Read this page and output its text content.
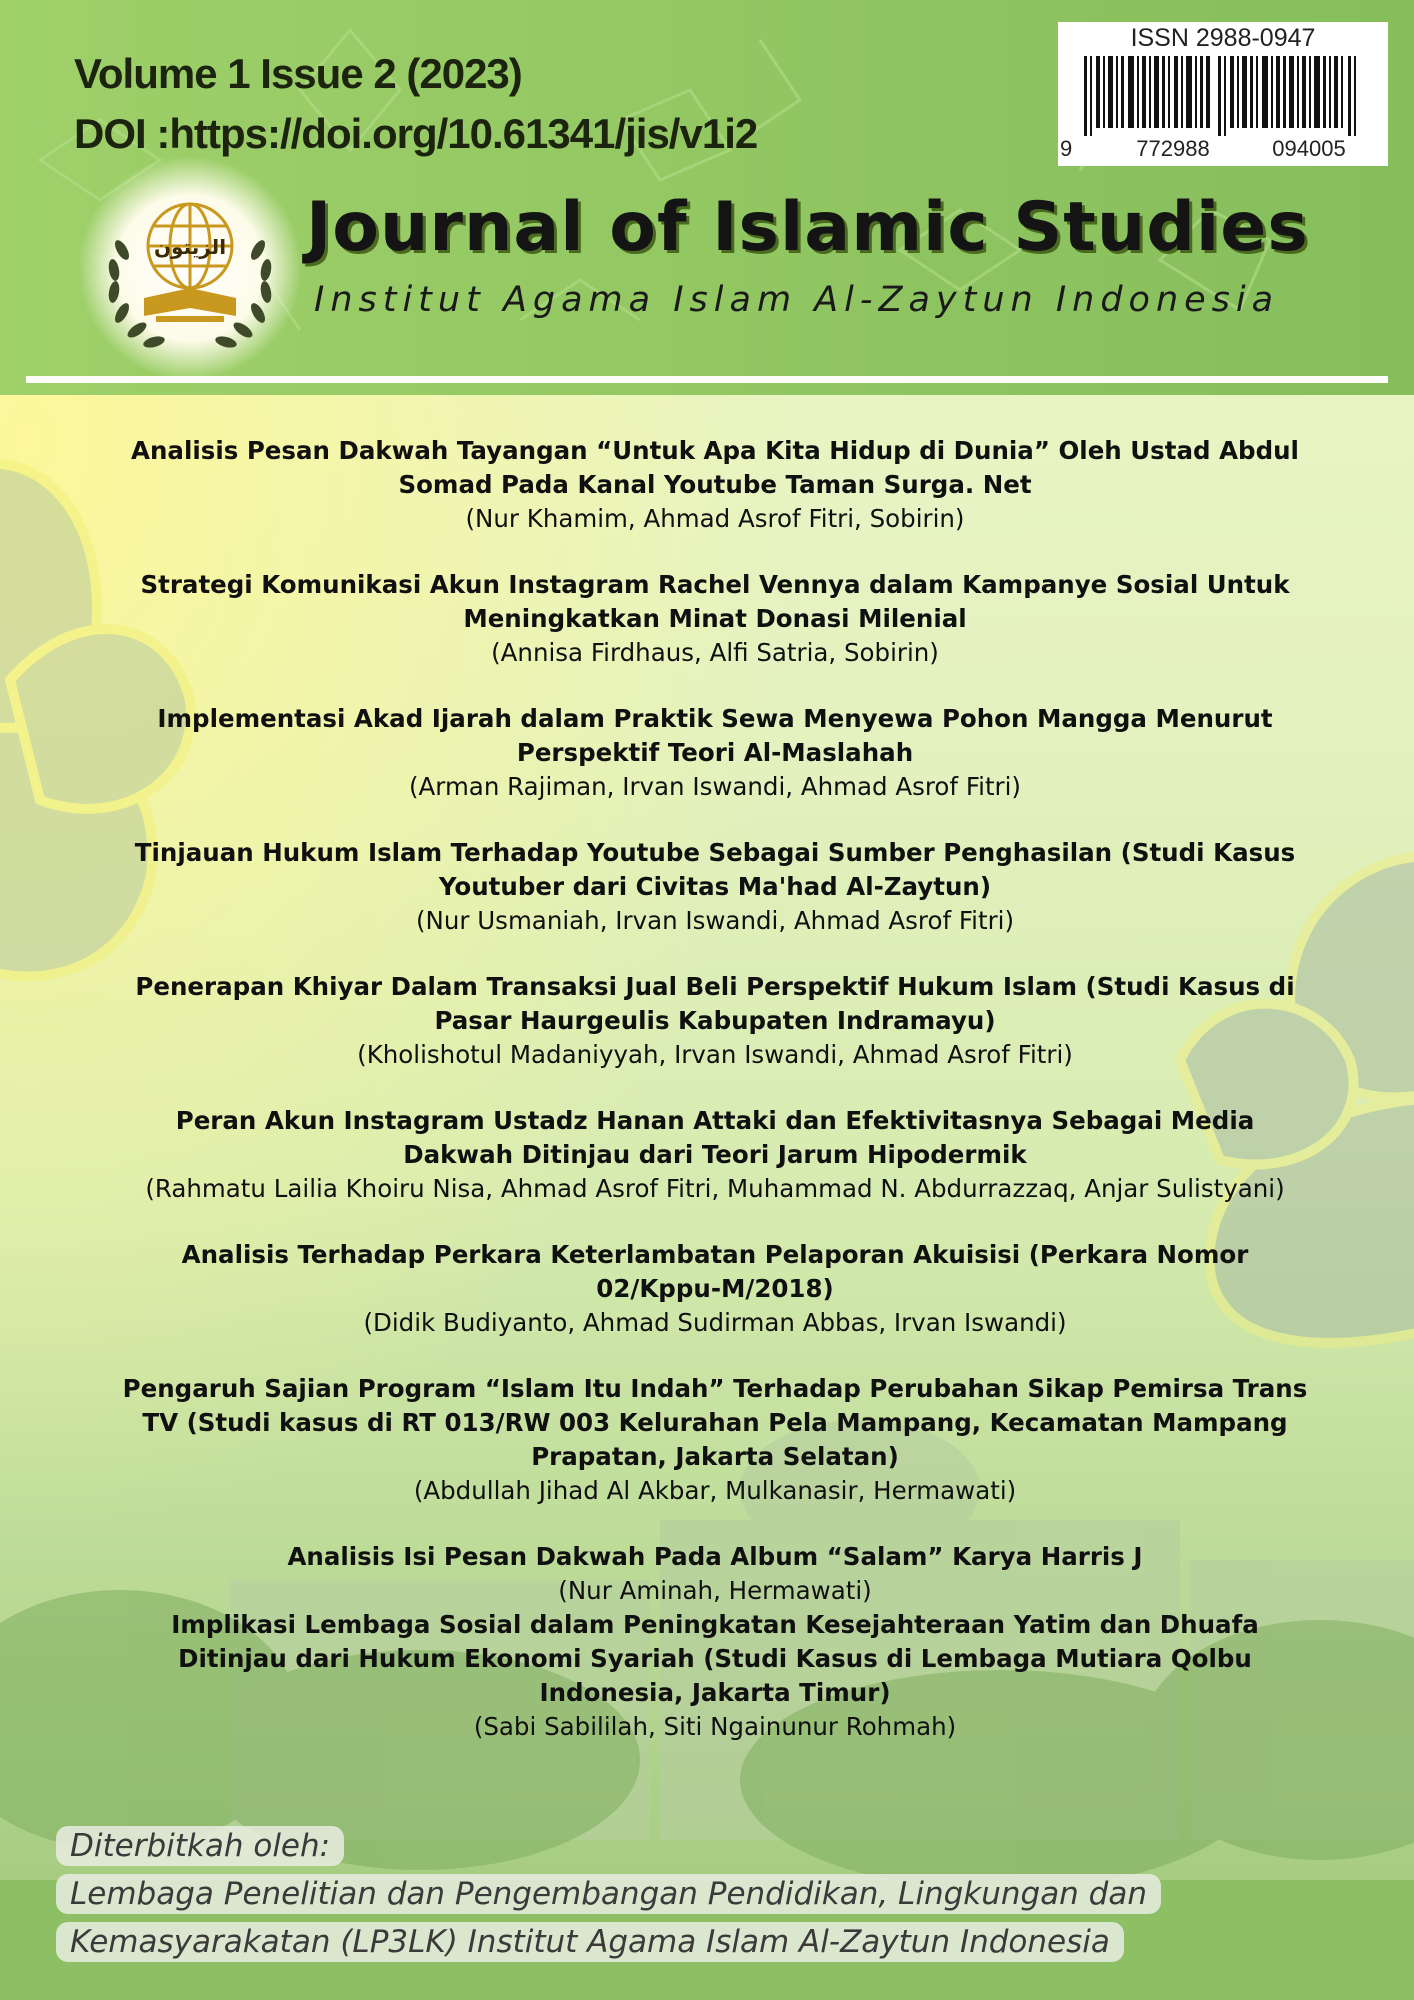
Volume 1 Issue 2 (2023)
DOI :https://doi.org/10.61341/jis/v1i2
ISSN 2988-0947
9	772988	094005
الزيتون Journal of Islamic Studies
Institut Agama Islam Al-Zaytun Indonesia
Analisis Pesan Dakwah Tayangan “Untuk Apa Kita Hidup di Dunia” Oleh Ustad Abdul Somad Pada Kanal Youtube Taman Surga. Net
(Nur Khamim, Ahmad Asrof Fitri, Sobirin)
Strategi Komunikasi Akun Instagram Rachel Vennya dalam Kampanye Sosial Untuk Meningkatkan Minat Donasi Milenial
(Annisa Firdhaus, Alfi Satria, Sobirin)
Implementasi Akad Ijarah dalam Praktik Sewa Menyewa Pohon Mangga Menurut Perspektif Teori Al-Maslahah
(Arman Rajiman, Irvan Iswandi, Ahmad Asrof Fitri)
Tinjauan Hukum Islam Terhadap Youtube Sebagai Sumber Penghasilan (Studi Kasus Youtuber dari Civitas Ma'had Al-Zaytun)
(Nur Usmaniah, Irvan Iswandi, Ahmad Asrof Fitri)
Penerapan Khiyar Dalam Transaksi Jual Beli Perspektif Hukum Islam (Studi Kasus di Pasar Haurgeulis Kabupaten Indramayu)
(Kholishotul Madaniyyah, Irvan Iswandi, Ahmad Asrof Fitri)
Peran Akun Instagram Ustadz Hanan Attaki dan Efektivitasnya Sebagai Media Dakwah Ditinjau dari Teori Jarum Hipodermik
(Rahmatu Lailia Khoiru Nisa, Ahmad Asrof Fitri, Muhammad N. Abdurrazzaq, Anjar Sulistyani)
Analisis Terhadap Perkara Keterlambatan Pelaporan Akuisisi (Perkara Nomor 02/Kppu-M/2018)
(Didik Budiyanto, Ahmad Sudirman Abbas, Irvan Iswandi)
Pengaruh Sajian Program “Islam Itu Indah” Terhadap Perubahan Sikap Pemirsa Trans TV (Studi kasus di RT 013/RW 003 Kelurahan Pela Mampang, Kecamatan Mampang Prapatan, Jakarta Selatan)
(Abdullah Jihad Al Akbar, Mulkanasir, Hermawati)
Analisis Isi Pesan Dakwah Pada Album “Salam” Karya Harris J
(Nur Aminah, Hermawati)
Implikasi Lembaga Sosial dalam Peningkatan Kesejahteraan Yatim dan Dhuafa Ditinjau dari Hukum Ekonomi Syariah (Studi Kasus di Lembaga Mutiara Qolbu Indonesia, Jakarta Timur)
(Sabi Sabililah, Siti Ngainunur Rohmah)
Diterbitkah oleh:
Lembaga Penelitian dan Pengembangan Pendidikan, Lingkungan dan
Kemasyarakatan (LP3LK) Institut Agama Islam Al-Zaytun Indonesia
